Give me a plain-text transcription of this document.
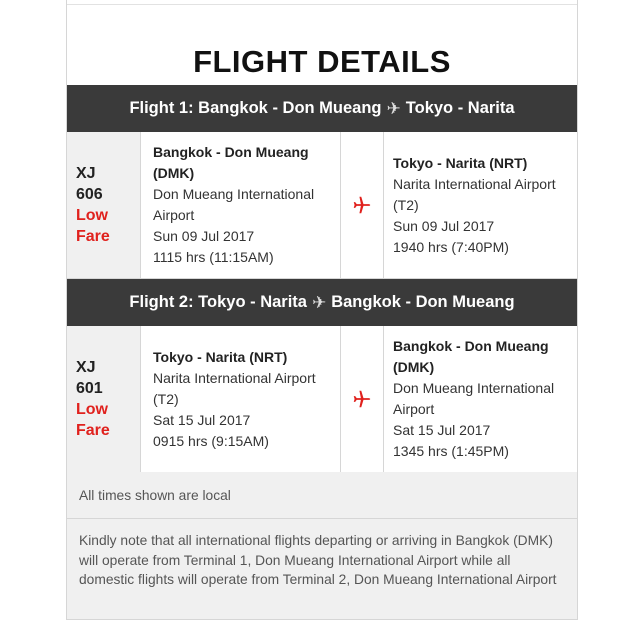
FLIGHT DETAILS
Flight 1: Bangkok - Don Mueang ✈ Tokyo - Narita
XJ
606
Low
Fare
Bangkok - Don Mueang (DMK)
Don Mueang International Airport
Sun 09 Jul 2017
1115 hrs (11:15AM)
Tokyo - Narita (NRT)
Narita International Airport (T2)
Sun 09 Jul 2017
1940 hrs (7:40PM)
Flight 2: Tokyo - Narita ✈ Bangkok - Don Mueang
XJ
601
Low
Fare
Tokyo - Narita (NRT)
Narita International Airport (T2)
Sat 15 Jul 2017
0915 hrs (9:15AM)
Bangkok - Don Mueang (DMK)
Don Mueang International Airport
Sat 15 Jul 2017
1345 hrs (1:45PM)
All times shown are local
Kindly note that all international flights departing or arriving in Bangkok (DMK) will operate from Terminal 1, Don Mueang International Airport while all domestic flights will operate from Terminal 2, Don Mueang International Airport
